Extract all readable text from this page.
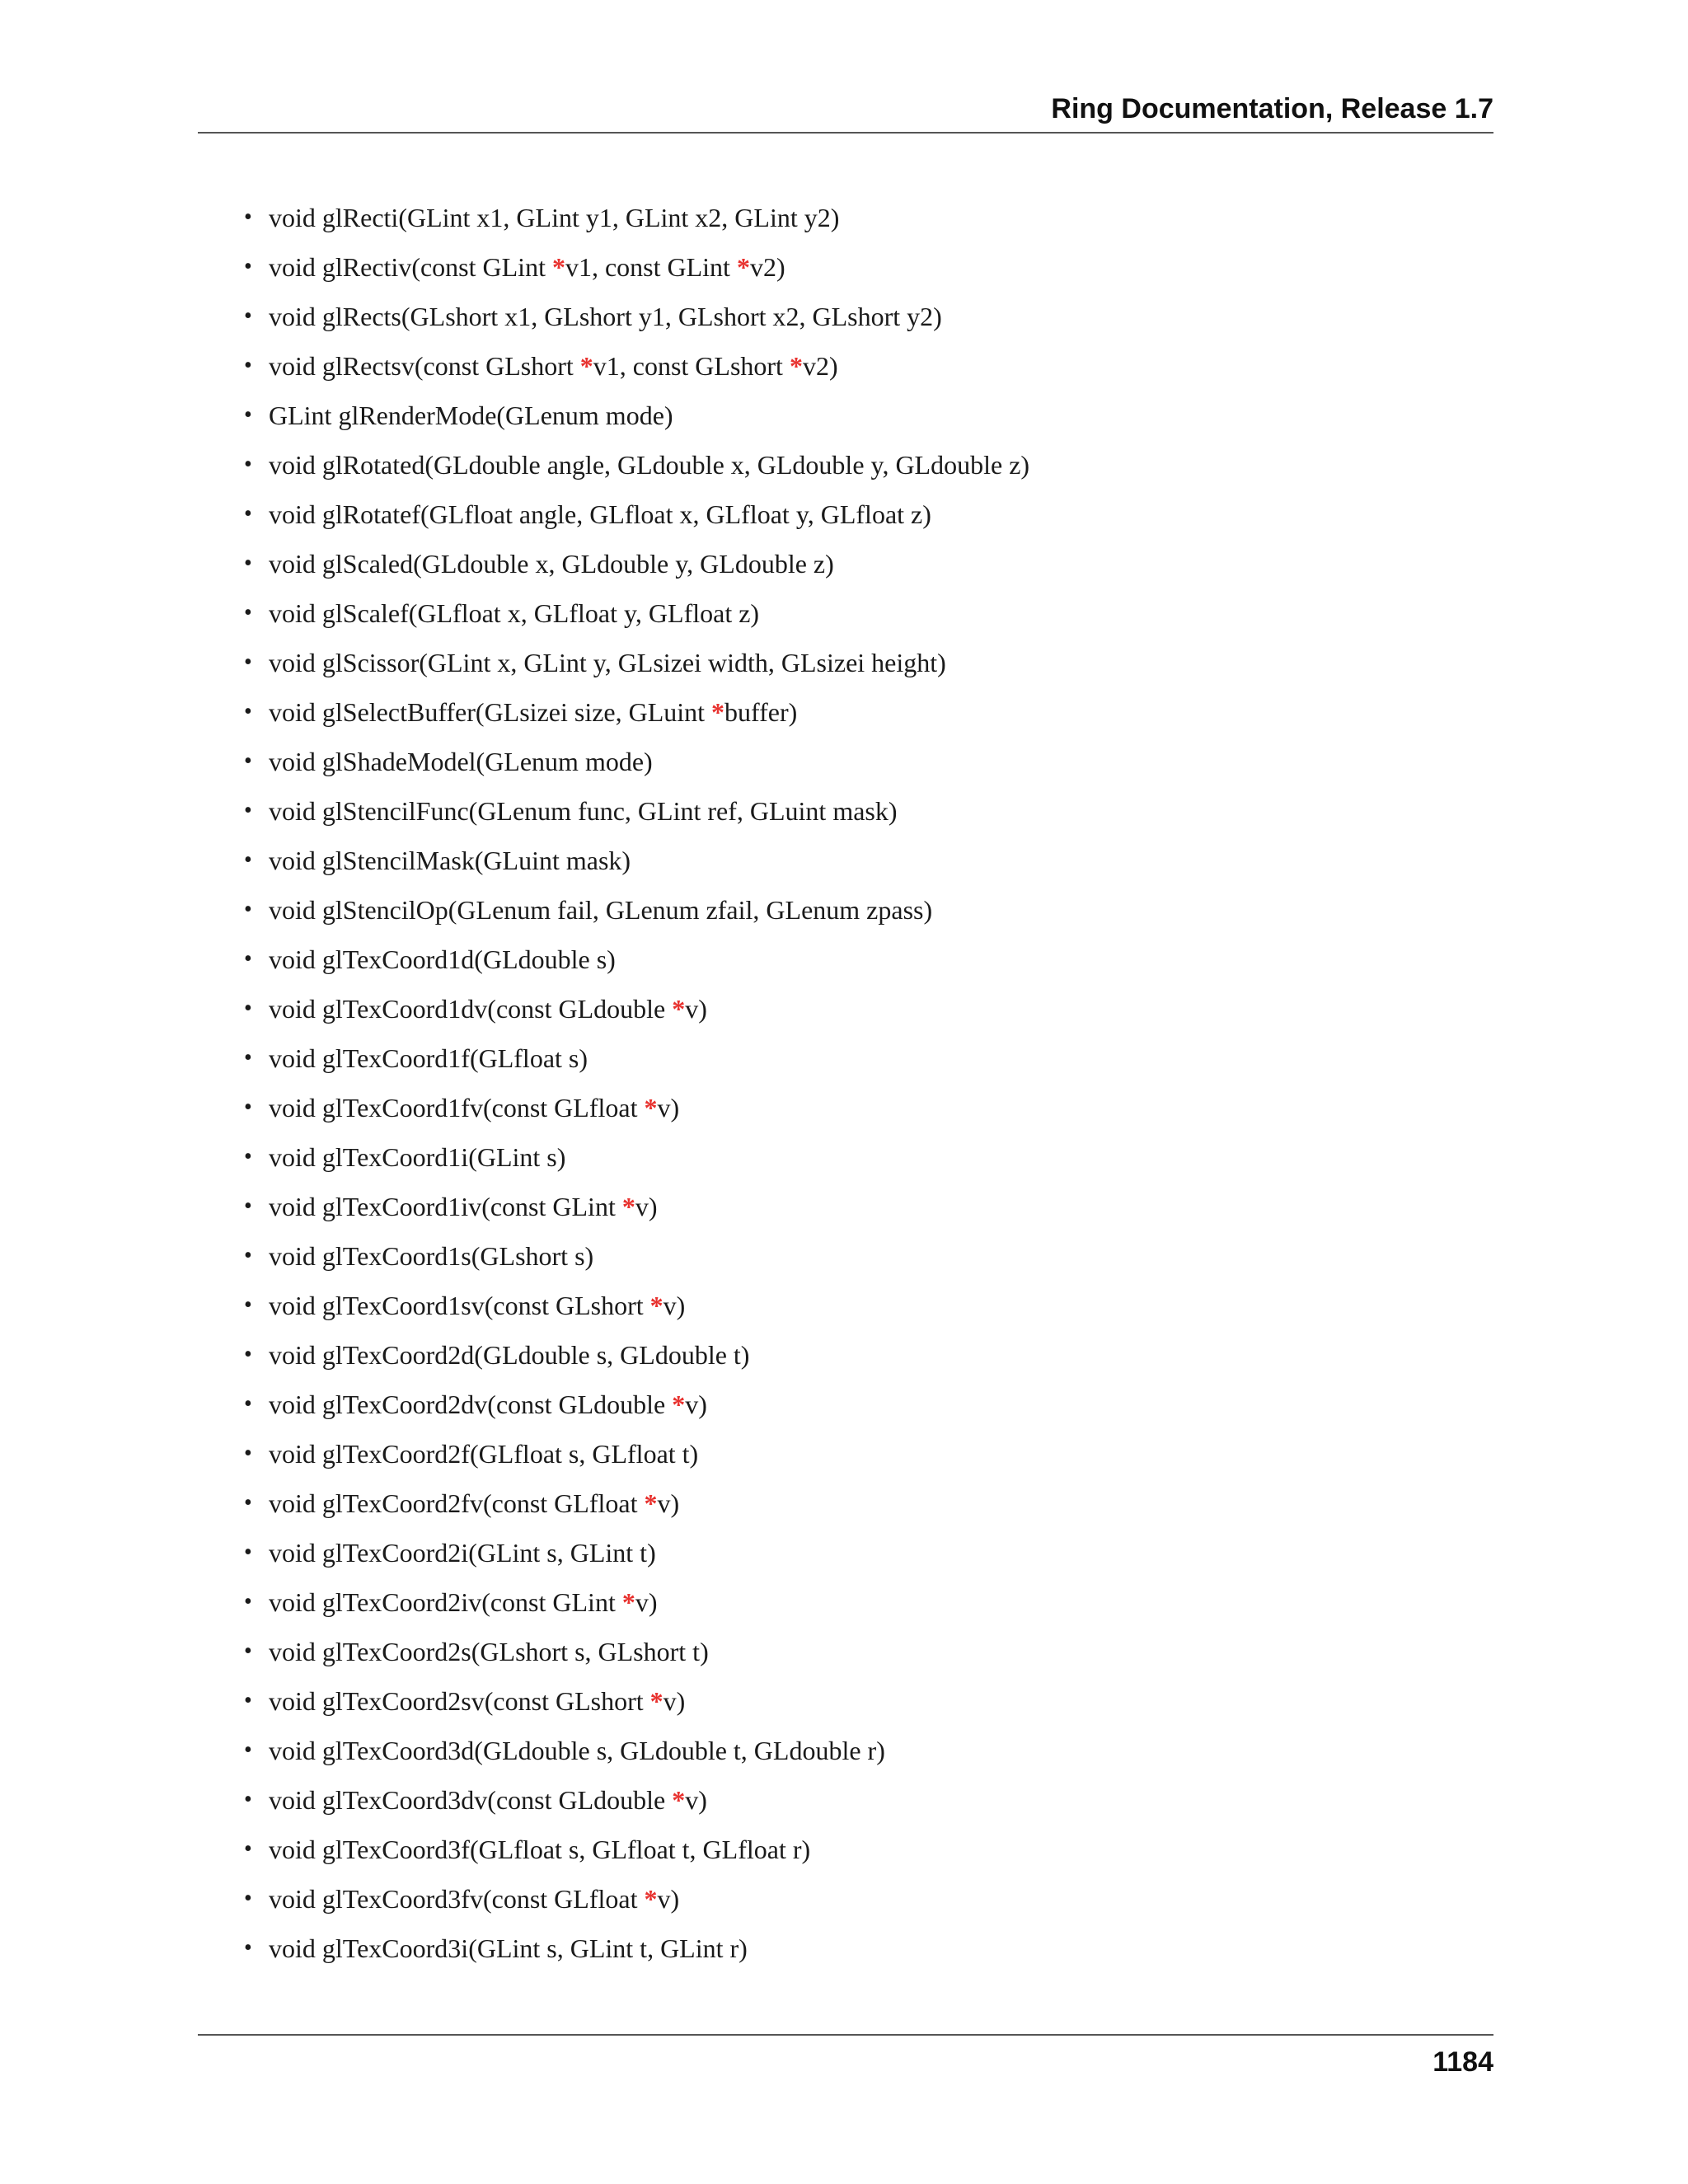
Ring Documentation, Release 1.7
• void glRecti(GLint x1, GLint y1, GLint x2, GLint y2)
• void glRectiv(const GLint *v1, const GLint *v2)
• void glRects(GLshort x1, GLshort y1, GLshort x2, GLshort y2)
• void glRectsv(const GLshort *v1, const GLshort *v2)
• GLint glRenderMode(GLenum mode)
• void glRotated(GLdouble angle, GLdouble x, GLdouble y, GLdouble z)
• void glRotatef(GLfloat angle, GLfloat x, GLfloat y, GLfloat z)
• void glScaled(GLdouble x, GLdouble y, GLdouble z)
• void glScalef(GLfloat x, GLfloat y, GLfloat z)
• void glScissor(GLint x, GLint y, GLsizei width, GLsizei height)
• void glSelectBuffer(GLsizei size, GLuint *buffer)
• void glShadeModel(GLenum mode)
• void glStencilFunc(GLenum func, GLint ref, GLuint mask)
• void glStencilMask(GLuint mask)
• void glStencilOp(GLenum fail, GLenum zfail, GLenum zpass)
• void glTexCoord1d(GLdouble s)
• void glTexCoord1dv(const GLdouble *v)
• void glTexCoord1f(GLfloat s)
• void glTexCoord1fv(const GLfloat *v)
• void glTexCoord1i(GLint s)
• void glTexCoord1iv(const GLint *v)
• void glTexCoord1s(GLshort s)
• void glTexCoord1sv(const GLshort *v)
• void glTexCoord2d(GLdouble s, GLdouble t)
• void glTexCoord2dv(const GLdouble *v)
• void glTexCoord2f(GLfloat s, GLfloat t)
• void glTexCoord2fv(const GLfloat *v)
• void glTexCoord2i(GLint s, GLint t)
• void glTexCoord2iv(const GLint *v)
• void glTexCoord2s(GLshort s, GLshort t)
• void glTexCoord2sv(const GLshort *v)
• void glTexCoord3d(GLdouble s, GLdouble t, GLdouble r)
• void glTexCoord3dv(const GLdouble *v)
• void glTexCoord3f(GLfloat s, GLfloat t, GLfloat r)
• void glTexCoord3fv(const GLfloat *v)
• void glTexCoord3i(GLint s, GLint t, GLint r)
1184
